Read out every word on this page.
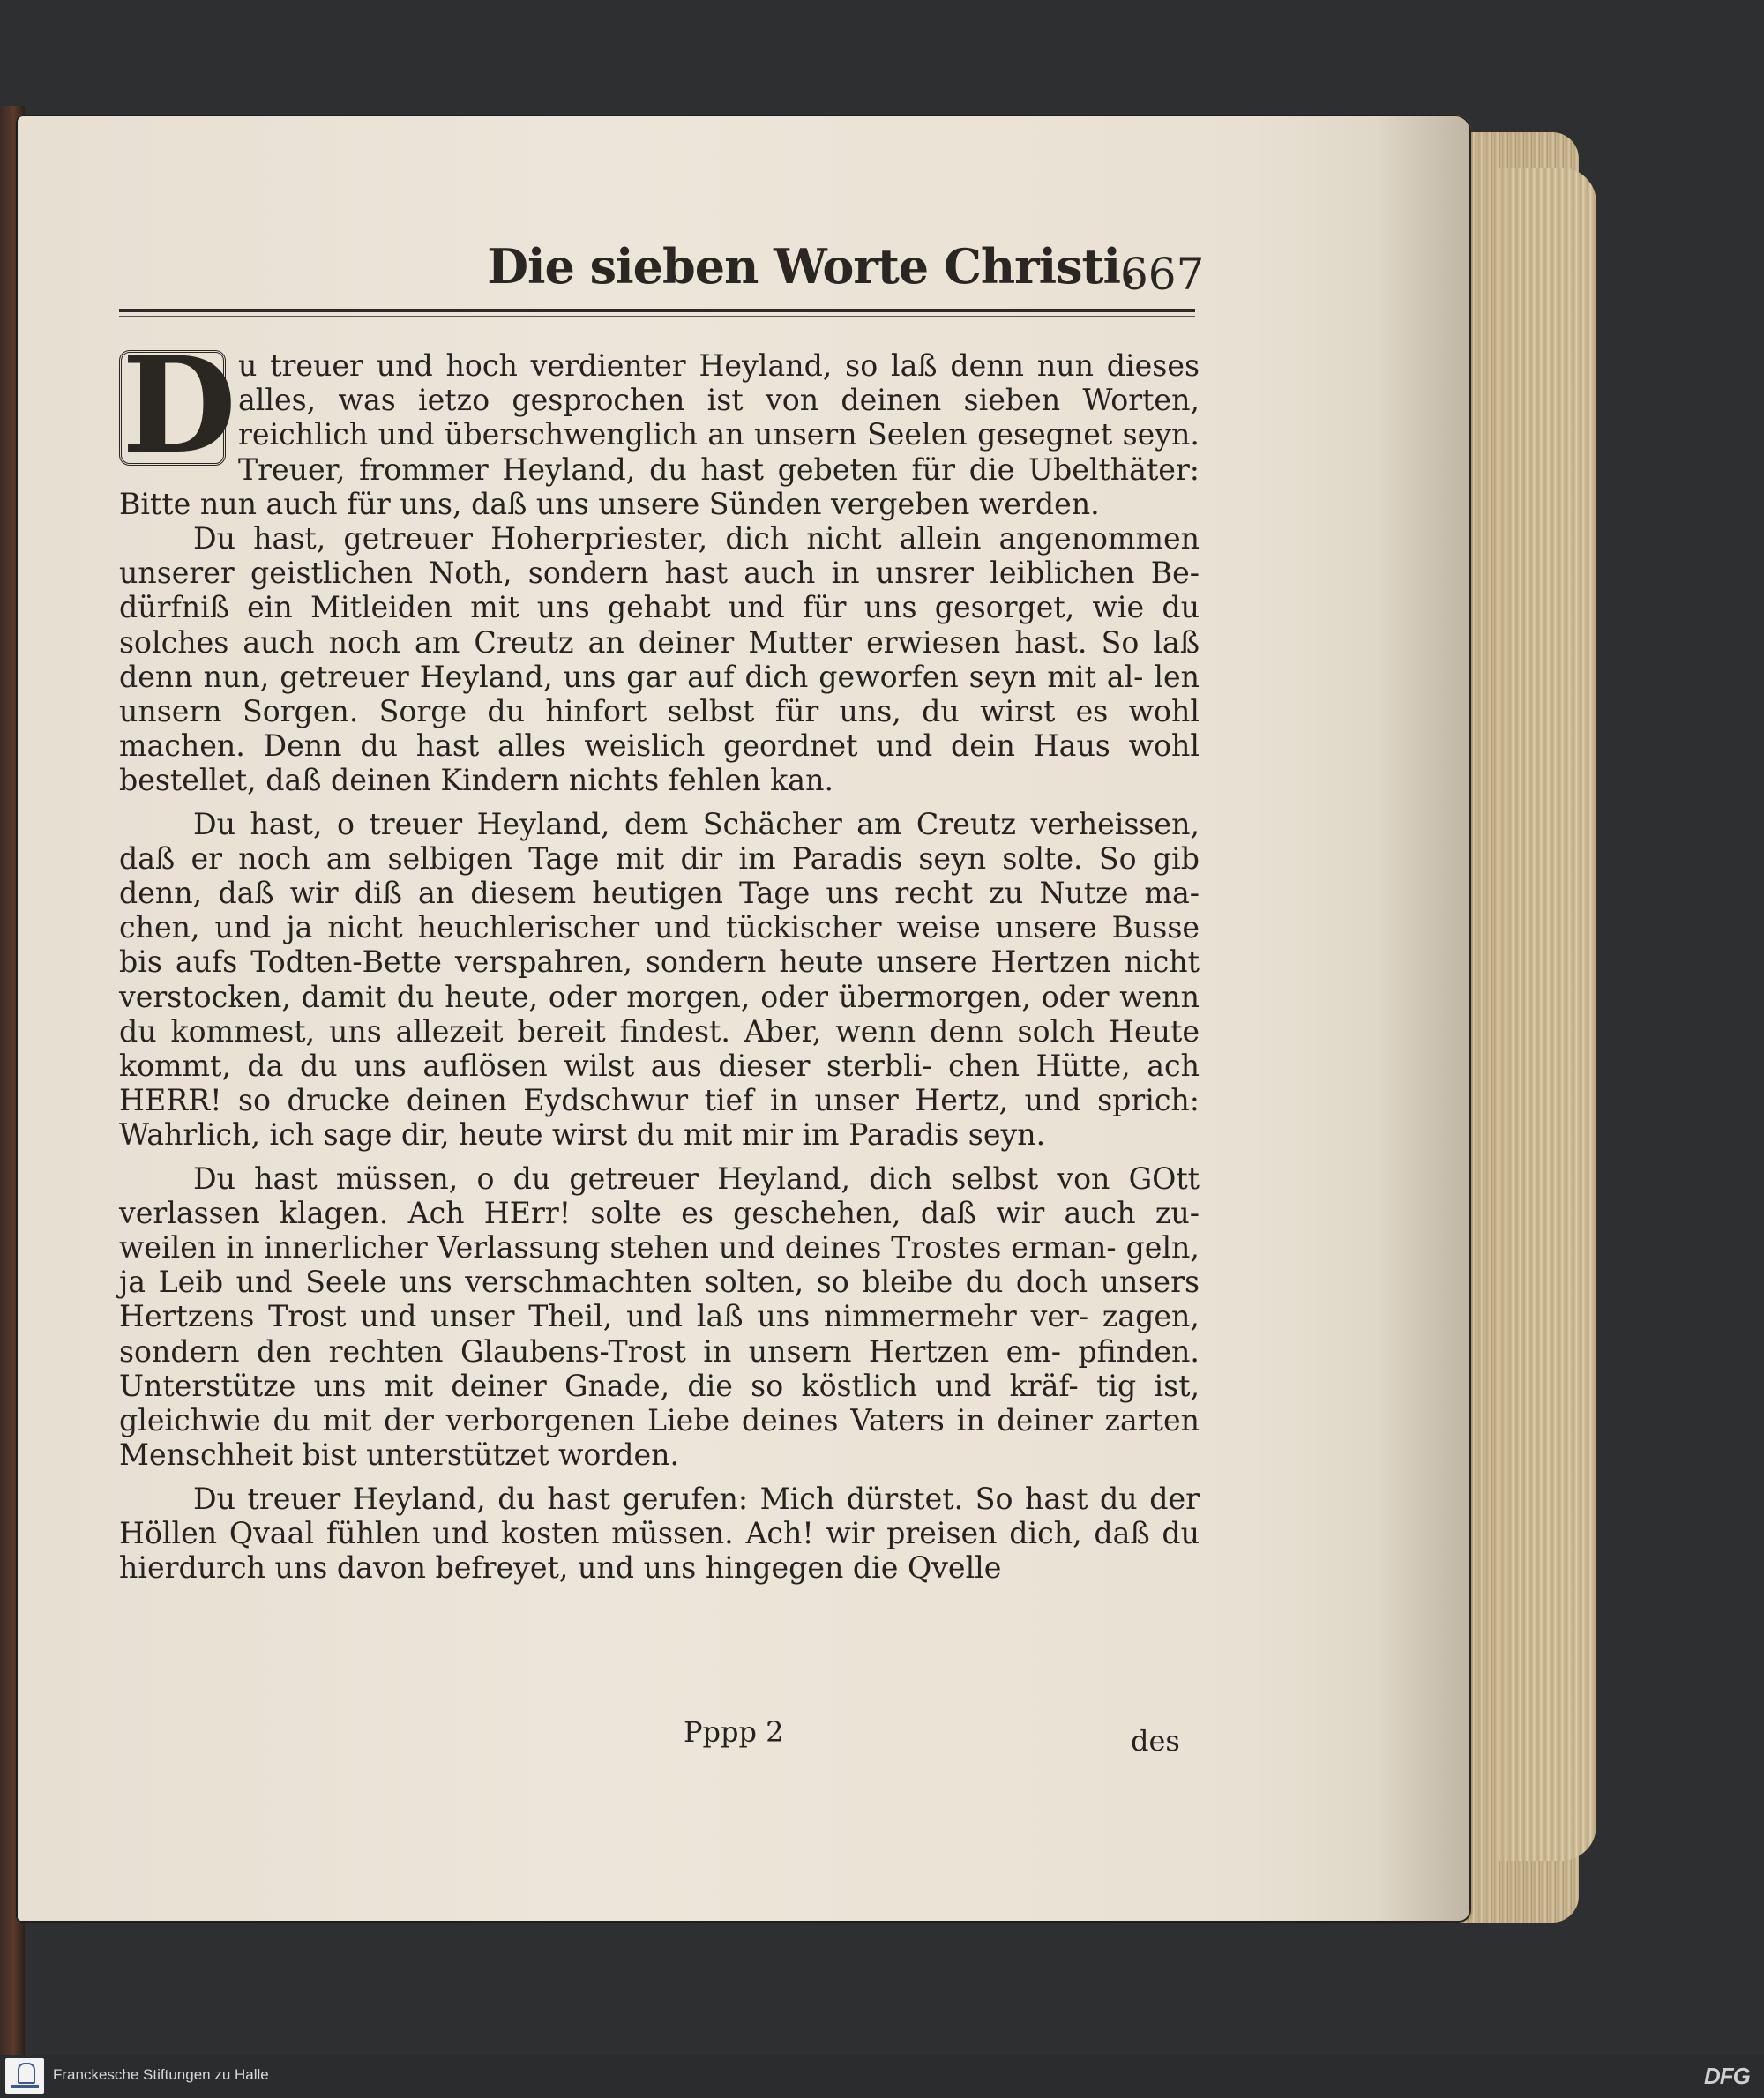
Die sieben Worte Christi.
667

D u treuer und hoch verdienter Heyland, so laß denn nun dieses alles, was ietzo gesprochen ist von deinen sieben Worten, reichlich und überschwenglich an unsern Seelen gesegnet seyn. Treuer, frommer Heyland, du hast gebeten für die Ubelthäter: Bitte nun auch für uns, daß uns unsere Sünden vergeben werden.

Du hast, getreuer Hoherpriester, dich nicht allein angenommen unserer geistlichen Noth, sondern hast auch in unsrer leiblichen Be- dürfniß ein Mitleiden mit uns gehabt und für uns gesorget, wie du solches auch noch am Creutz an deiner Mutter erwiesen hast. So laß denn nun, getreuer Heyland, uns gar auf dich geworfen seyn mit al- len unsern Sorgen. Sorge du hinfort selbst für uns, du wirst es wohl machen. Denn du hast alles weislich geordnet und dein Haus wohl bestellet, daß deinen Kindern nichts fehlen kan.

Du hast, o treuer Heyland, dem Schächer am Creutz verheissen, daß er noch am selbigen Tage mit dir im Paradis seyn solte. So gib denn, daß wir diß an diesem heutigen Tage uns recht zu Nutze ma- chen, und ja nicht heuchlerischer und tückischer weise unsere Busse bis aufs Todten-Bette verspahren, sondern heute unsere Hertzen nicht verstocken, damit du heute, oder morgen, oder übermorgen, oder wenn du kommest, uns allezeit bereit findest. Aber, wenn denn solch Heute kommt, da du uns auflösen wilst aus dieser sterbli- chen Hütte, ach HERR! so drucke deinen Eydschwur tief in unser Hertz, und sprich: Wahrlich, ich sage dir, heute wirst du mit mir im Paradis seyn.

Du hast müssen, o du getreuer Heyland, dich selbst von GOtt verlassen klagen. Ach HErr! solte es geschehen, daß wir auch zu- weilen in innerlicher Verlassung stehen und deines Trostes erman- geln, ja Leib und Seele uns verschmachten solten, so bleibe du doch unsers Hertzens Trost und unser Theil, und laß uns nimmermehr ver- zagen, sondern den rechten Glaubens-Trost in unsern Hertzen em- pfinden. Unterstütze uns mit deiner Gnade, die so köstlich und kräf- tig ist, gleichwie du mit der verborgenen Liebe deines Vaters in deiner zarten Menschheit bist unterstützet worden.

Du treuer Heyland, du hast gerufen: Mich dürstet. So hast du der Höllen Qvaal fühlen und kosten müssen. Ach! wir preisen dich, daß du hierdurch uns davon befreyet, und uns hingegen die Qvelle

Pppp 2	des
Franckesche Stiftungen zu Halle	DFG
